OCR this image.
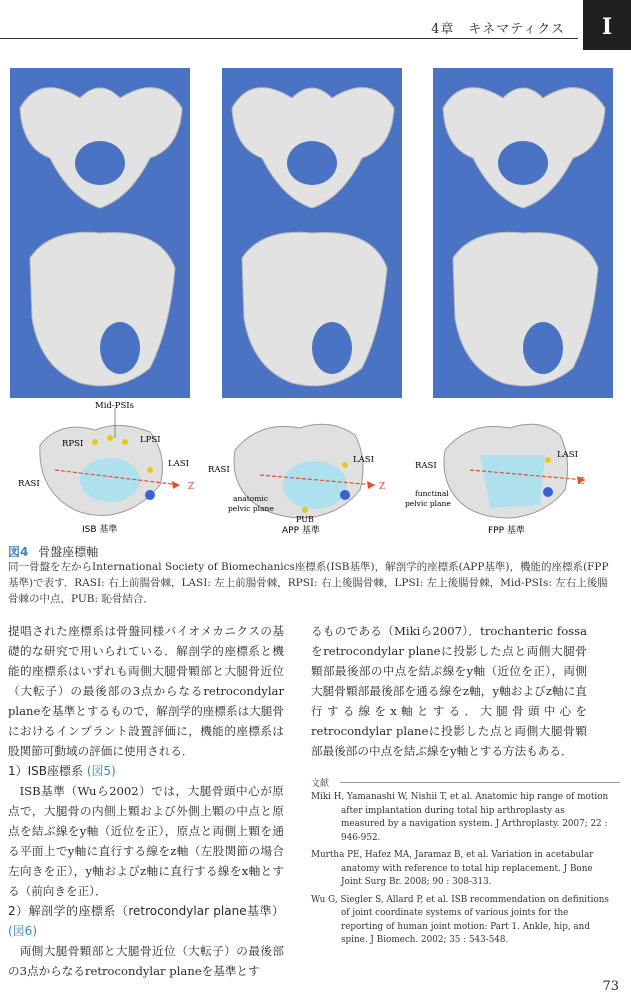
4章　キネマティクス	I
Mid-PSIs
RPSI	LPSI
LASI
RASI	Z
ISB 基準
LASI
RASI
Z
anatomic
pelvic plane
PUB
APP 基準
LASI
RASI
Z
functinal
pelvic plane
FPP 基準
図4 骨盤座標軸
同一骨盤を左からInternational Society of Biomechanics座標系(ISB基準)，解剖学的座標系(APP基準)，機能的座標系(FPP基準)で表す．RASI: 右上前腸骨棘，LASI: 左上前腸骨棘，RPSI: 右上後腸骨棘，LPSI: 左上後腸骨棘，Mid-PSIs: 左右上後腸骨棘の中点，PUB: 恥骨結合．

提唱された座標系は骨盤同様バイオメカニクスの基礎的な研究で用いられている．解剖学的座標系と機能的座標系はいずれも両側大腿骨顆部と大腿骨近位（大転子）の最後部の3点からなるretrocondylar planeを基準とするもので，解剖学的座標系は大腿骨におけるインプラント設置評価に，機能的座標系は股関節可動域の評価に使用される．

1）ISB座標系 (図5)

ISB基準（Wuら2002）では，大腿骨頭中心が原点で，大腿骨の内側上顆および外側上顆の中点と原点を結ぶ線をy軸（近位を正），原点と両側上顆を通る平面上でy軸に直行する線をz軸（左股関節の場合左向きを正），y軸およびz軸に直行する線をx軸とする（前向きを正）．

2）解剖学的座標系（retrocondylar plane基準） (図6)

両側大腿骨顆部と大腿骨近位（大転子）の最後部の3点からなるretrocondylar planeを基準とす

るものである（Mikiら2007）．trochanteric fossaをretrocondylar planeに投影した点と両側大腿骨顆部最後部の中点を結ぶ線をy軸（近位を正），両側大腿骨顆部最後部を通る線をz軸，y軸およびz軸に直行する線をx軸とする．大腿骨頭中心をretrocondylar planeに投影した点と両側大腿骨顆部最後部の中点を結ぶ線をy軸とする方法もある．

文献
Miki H, Yamanashi W, Nishii T, et al. Anatomic hip range of motion after implantation during total hip arthroplasty as measured by a navigation system. J Arthroplasty. 2007; 22 : 946-952.
Murtha PE, Hafez MA, Jaramaz B, et al. Variation in acetabular anatomy with reference to total hip replacement. J Bone Joint Surg Br. 2008; 90 : 308-313.
Wu G, Siegler S, Allard P, et al. ISB recommendation on definitions of joint coordinate systems of various joints for the reporting of human joint motion: Part 1. Ankle, hip, and spine. J Biomech. 2002; 35 : 543-548.
73
